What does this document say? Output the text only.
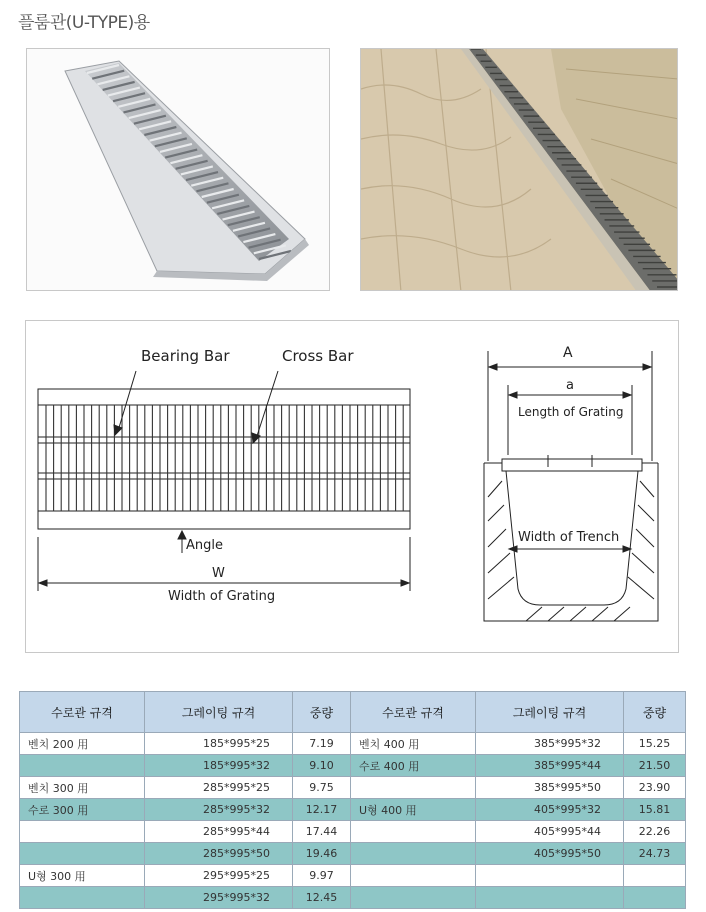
플룸관(U-TYPE)용
Bearing Bar	Cross Bar
Angle
W
Width of Grating
A
a
Length of Grating
Width of Trench
수로관 규격	그레이팅 규격	중량	수로관 규격	그레이팅 규격	중량
벤치 200 用	185*995*25	7.19	벤치 400 用	385*995*32	15.25
	185*995*32	9.10	수로 400 用	385*995*44	21.50
벤치 300 用	285*995*25	9.75		385*995*50	23.90
수로 300 用	285*995*32	12.17	U형 400 用	405*995*32	15.81
	285*995*44	17.44		405*995*44	22.26
	285*995*50	19.46		405*995*50	24.73
U형 300 用	295*995*25	9.97			
	295*995*32	12.45			
